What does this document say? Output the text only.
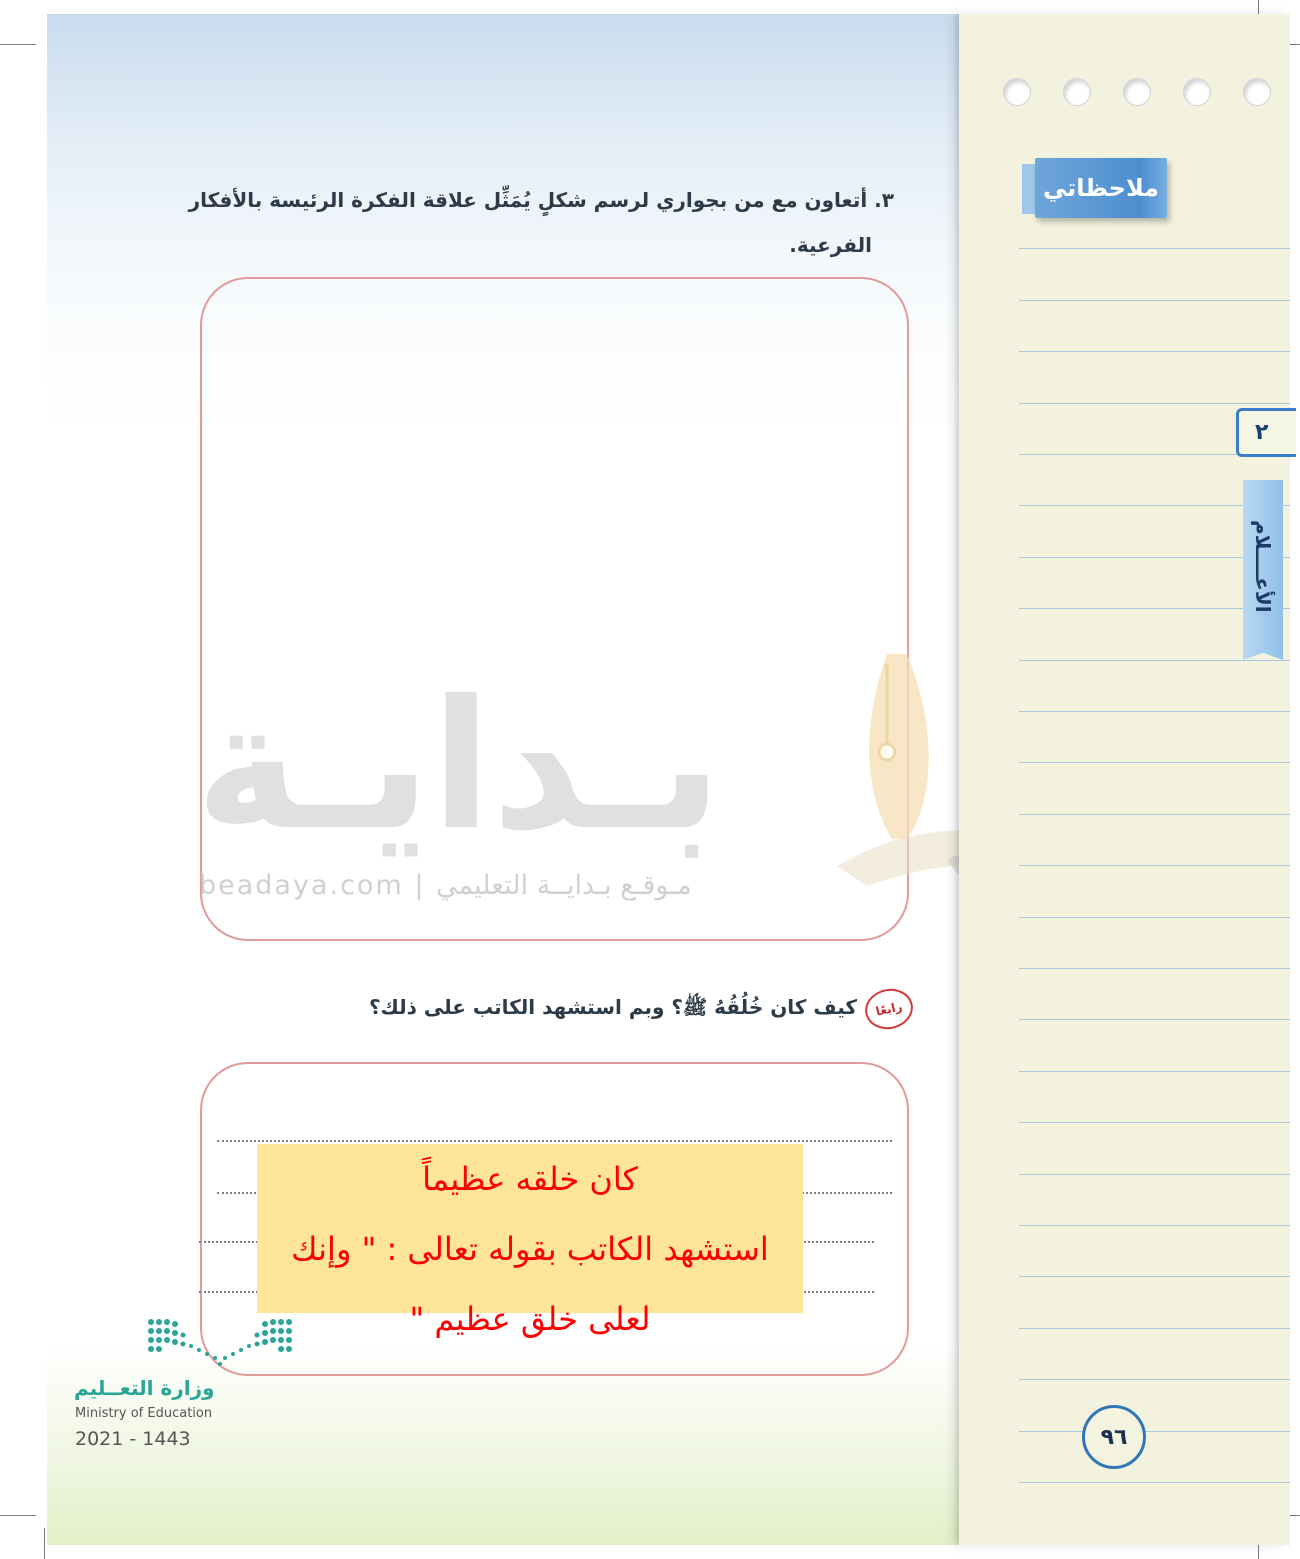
٣. أتعاون مع من بجواري لرسم شكلٍ يُمَثِّل علاقة الفكرة الرئيسة بالأفكار
الفرعية.
بـدايـة
beadaya.com | مـوقـع بـدايــة التعليمي
رابعًا
كيف كان خُلُقُهُ ﷺ؟ وبم استشهد الكاتب على ذلك؟
كان خلقه عظيماً
استشهد الكاتب بقوله تعالى : " وإنك
لعلى خلق عظيم "
وزارة التعــليم
Ministry of Education
2021 - 1443
ملاحظاتي
٢
الأعــــلام
٩٦
